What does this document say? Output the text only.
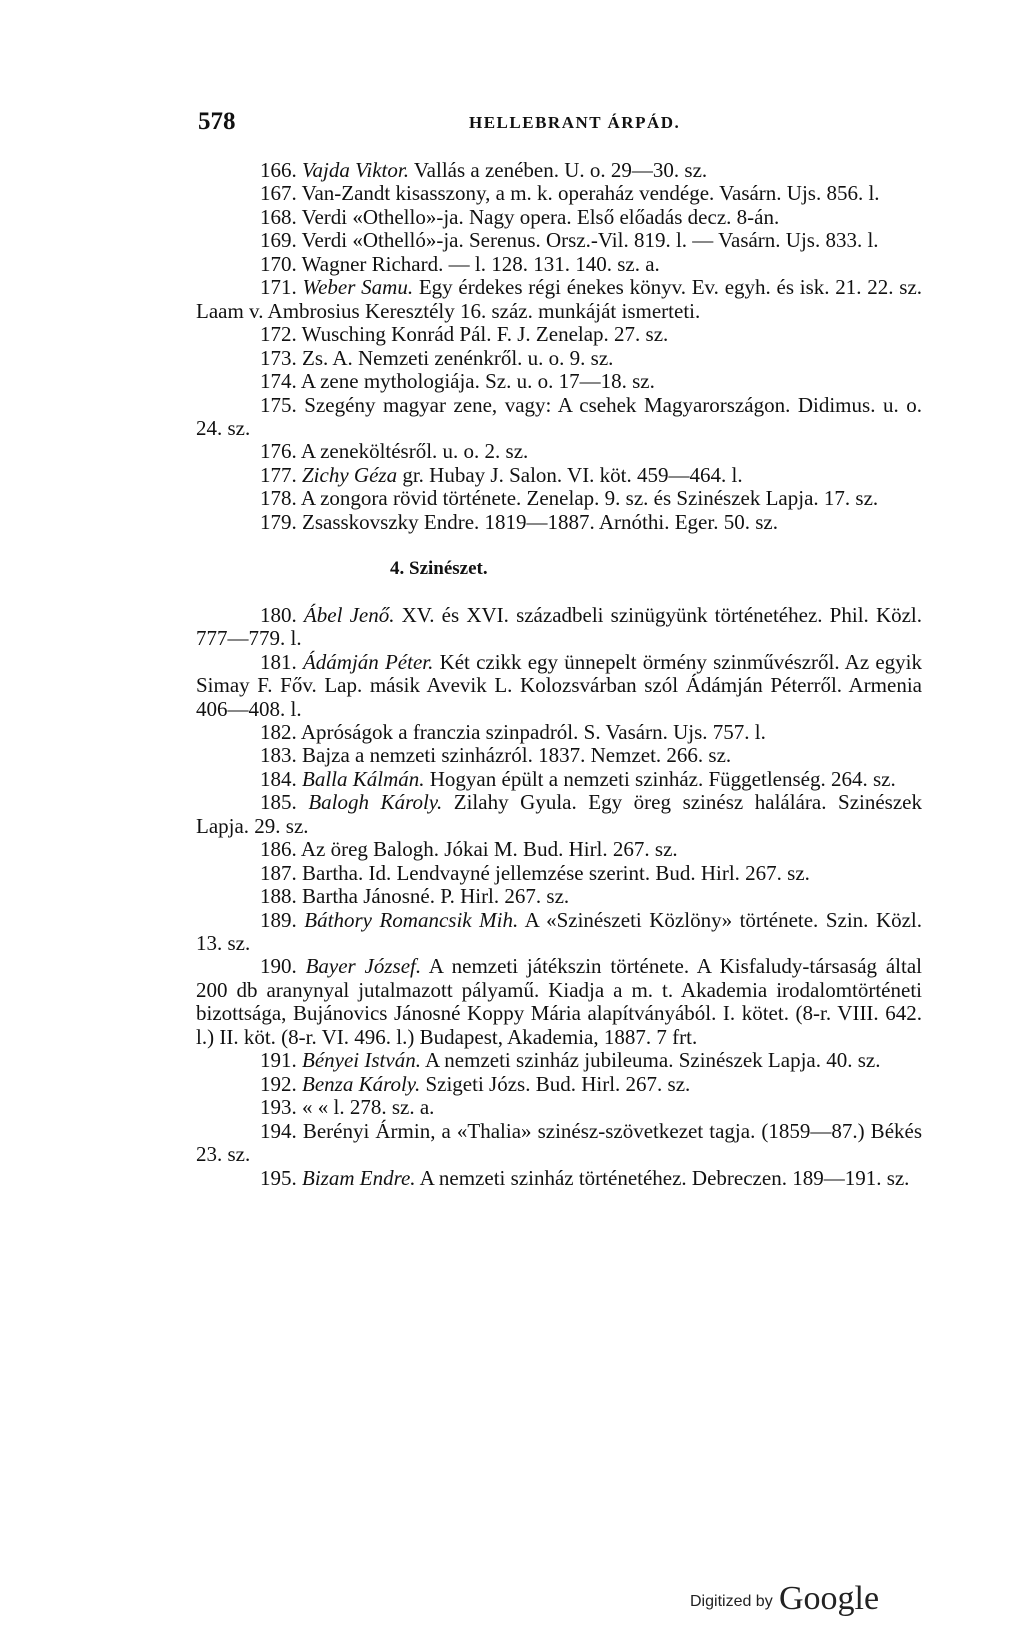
578	HELLEBRANT ÁRPÁD.

166. Vajda Viktor. Vallás a zenében. U. o. 29—30. sz.

167. Van-Zandt kisasszony, a m. k. operaház vendége. Vasárn. Ujs. 856. l.

168. Verdi «Othello»-ja. Nagy opera. Első előadás decz. 8-án.

169. Verdi «Othelló»-ja. Serenus. Orsz.-Vil. 819. l. — Vasárn. Ujs. 833. l.

170. Wagner Richard. — l. 128. 131. 140. sz. a.

171. Weber Samu. Egy érdekes régi énekes könyv. Ev. egyh. és isk. 21. 22. sz. Laam v. Ambrosius Keresztély 16. száz. munkáját ismerteti.

172. Wusching Konrád Pál. F. J. Zenelap. 27. sz.

173. Zs. A. Nemzeti zenénkről. u. o. 9. sz.

174. A zene mythologiája. Sz. u. o. 17—18. sz.

175. Szegény magyar zene, vagy: A csehek Magyarországon. Didimus. u. o. 24. sz.

176. A zeneköltésről. u. o. 2. sz.

177. Zichy Géza gr. Hubay J. Salon. VI. köt. 459—464. l.

178. A zongora rövid története. Zenelap. 9. sz. és Szinészek Lapja. 17. sz.

179. Zsasskovszky Endre. 1819—1887. Arnóthi. Eger. 50. sz.

4. Szinészet.

180. Ábel Jenő. XV. és XVI. századbeli szinügyünk történetéhez. Phil. Közl. 777—779. l.

181. Ádámján Péter. Két czikk egy ünnepelt örmény szinművészről. Az egyik Simay F. Főv. Lap. másik Avevik L. Kolozsvárban szól Ádámján Péterről. Armenia 406—408. l.

182. Apróságok a franczia szinpadról. S. Vasárn. Ujs. 757. l.

183. Bajza a nemzeti szinházról. 1837. Nemzet. 266. sz.

184. Balla Kálmán. Hogyan épült a nemzeti szinház. Függetlenség. 264. sz.

185. Balogh Károly. Zilahy Gyula. Egy öreg szinész halálára. Szinészek Lapja. 29. sz.

186. Az öreg Balogh. Jókai M. Bud. Hirl. 267. sz.

187. Bartha. Id. Lendvayné jellemzése szerint. Bud. Hirl. 267. sz.

188. Bartha Jánosné. P. Hirl. 267. sz.

189. Báthory Romancsik Mih. A «Szinészeti Közlöny» története. Szin. Közl. 13. sz.

190. Bayer József. A nemzeti játékszin története. A Kisfaludy-társaság által 200 db aranynyal jutalmazott pályamű. Kiadja a m. t. Akademia irodalomtörténeti bizottsága, Bujánovics Jánosné Koppy Mária alapítványából. I. kötet. (8-r. VIII. 642. l.) II. köt. (8-r. VI. 496. l.) Budapest, Akademia, 1887. 7 frt.

191. Bényei István. A nemzeti szinház jubileuma. Szinészek Lapja. 40. sz.

192. Benza Károly. Szigeti Józs. Bud. Hirl. 267. sz.

193. « « l. 278. sz. a.

194. Berényi Ármin, a «Thalia» szinész-szövetkezet tagja. (1859—87.) Békés 23. sz.

195. Bizam Endre. A nemzeti szinház történetéhez. Debreczen. 189—191. sz.

Digitized by Google
